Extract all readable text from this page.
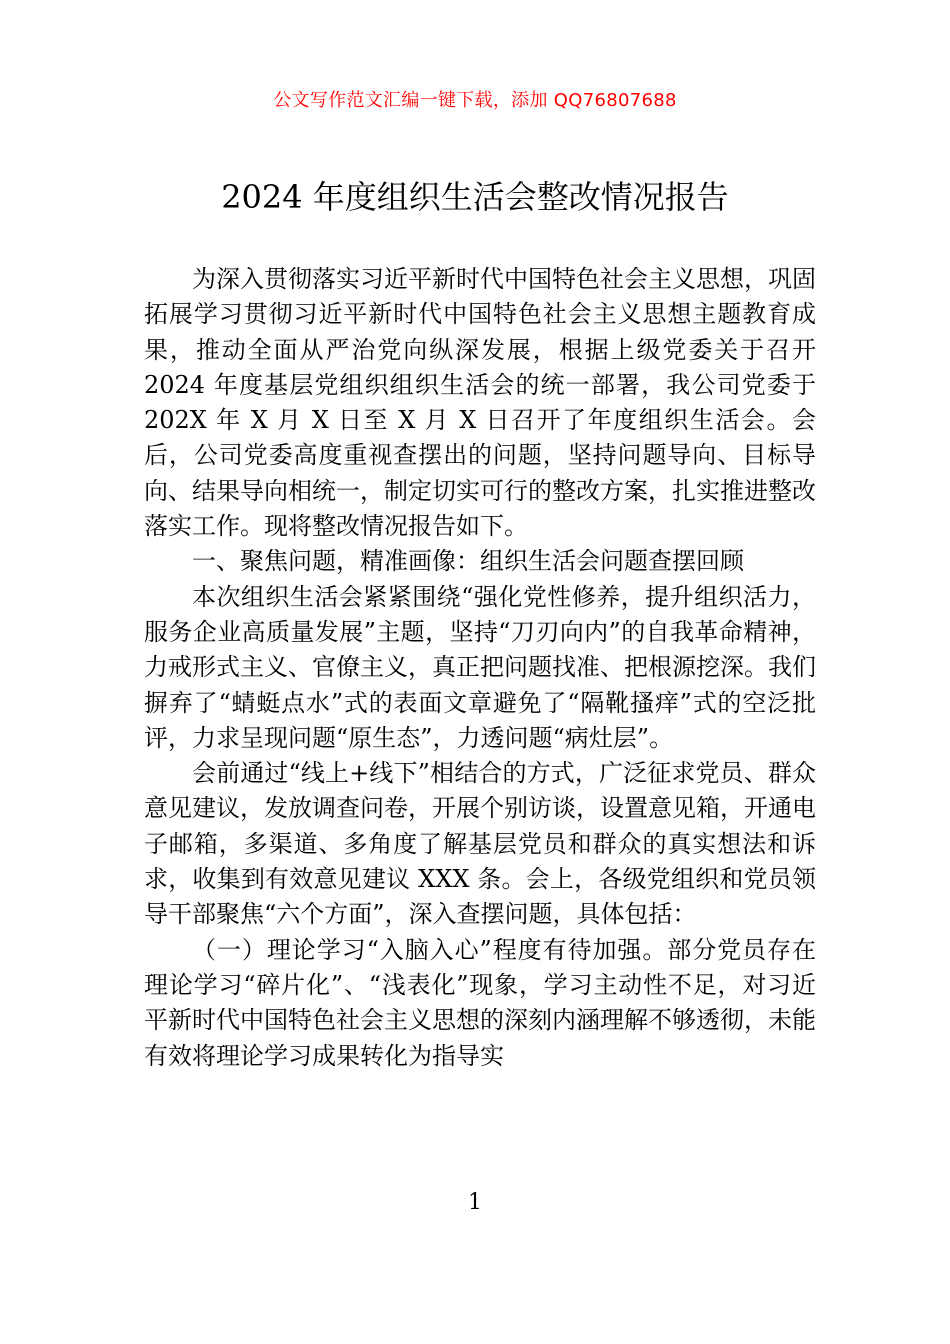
公文写作范文汇编一键下载，添加 QQ76807688
2024 年度组织生活会整改情况报告

为深入贯彻落实习近平新时代中国特色社会主义思想，巩固拓展学习贯彻习近平新时代中国特色社会主义思想主题教育成果，推动全面从严治党向纵深发展，根据上级党委关于召开 2024 年度基层党组织组织生活会的统一部署，我公司党委于 202X 年 X 月 X 日至 X 月 X 日召开了年度组织生活会。会后，公司党委高度重视查摆出的问题，坚持问题导向、目标导向、结果导向相统一，制定切实可行的整改方案，扎实推进整改落实工作。现将整改情况报告如下。

一、聚焦问题，精准画像：组织生活会问题查摆回顾

本次组织生活会紧紧围绕“强化党性修养，提升组织活力，服务企业高质量发展”主题，坚持“刀刃向内”的自我革命精神，力戒形式主义、官僚主义，真正把问题找准、把根源挖深。我们摒弃了“蜻蜓点水”式的表面文章避免了“隔靴搔痒”式的空泛批评，力求呈现问题“原生态”，力透问题“病灶层”。

会前通过“线上+线下”相结合的方式，广泛征求党员、群众意见建议，发放调查问卷，开展个别访谈，设置意见箱，开通电子邮箱，多渠道、多角度了解基层党员和群众的真实想法和诉求，收集到有效意见建议 XXX 条。会上，各级党组织和党员领导干部聚焦“六个方面”，深入查摆问题，具体包括：

（一）理论学习“入脑入心”程度有待加强。部分党员存在理论学习“碎片化”、“浅表化”现象，学习主动性不足，对习近平新时代中国特色社会主义思想的深刻内涵理解不够透彻，未能有效将理论学习成果转化为指导实

1
